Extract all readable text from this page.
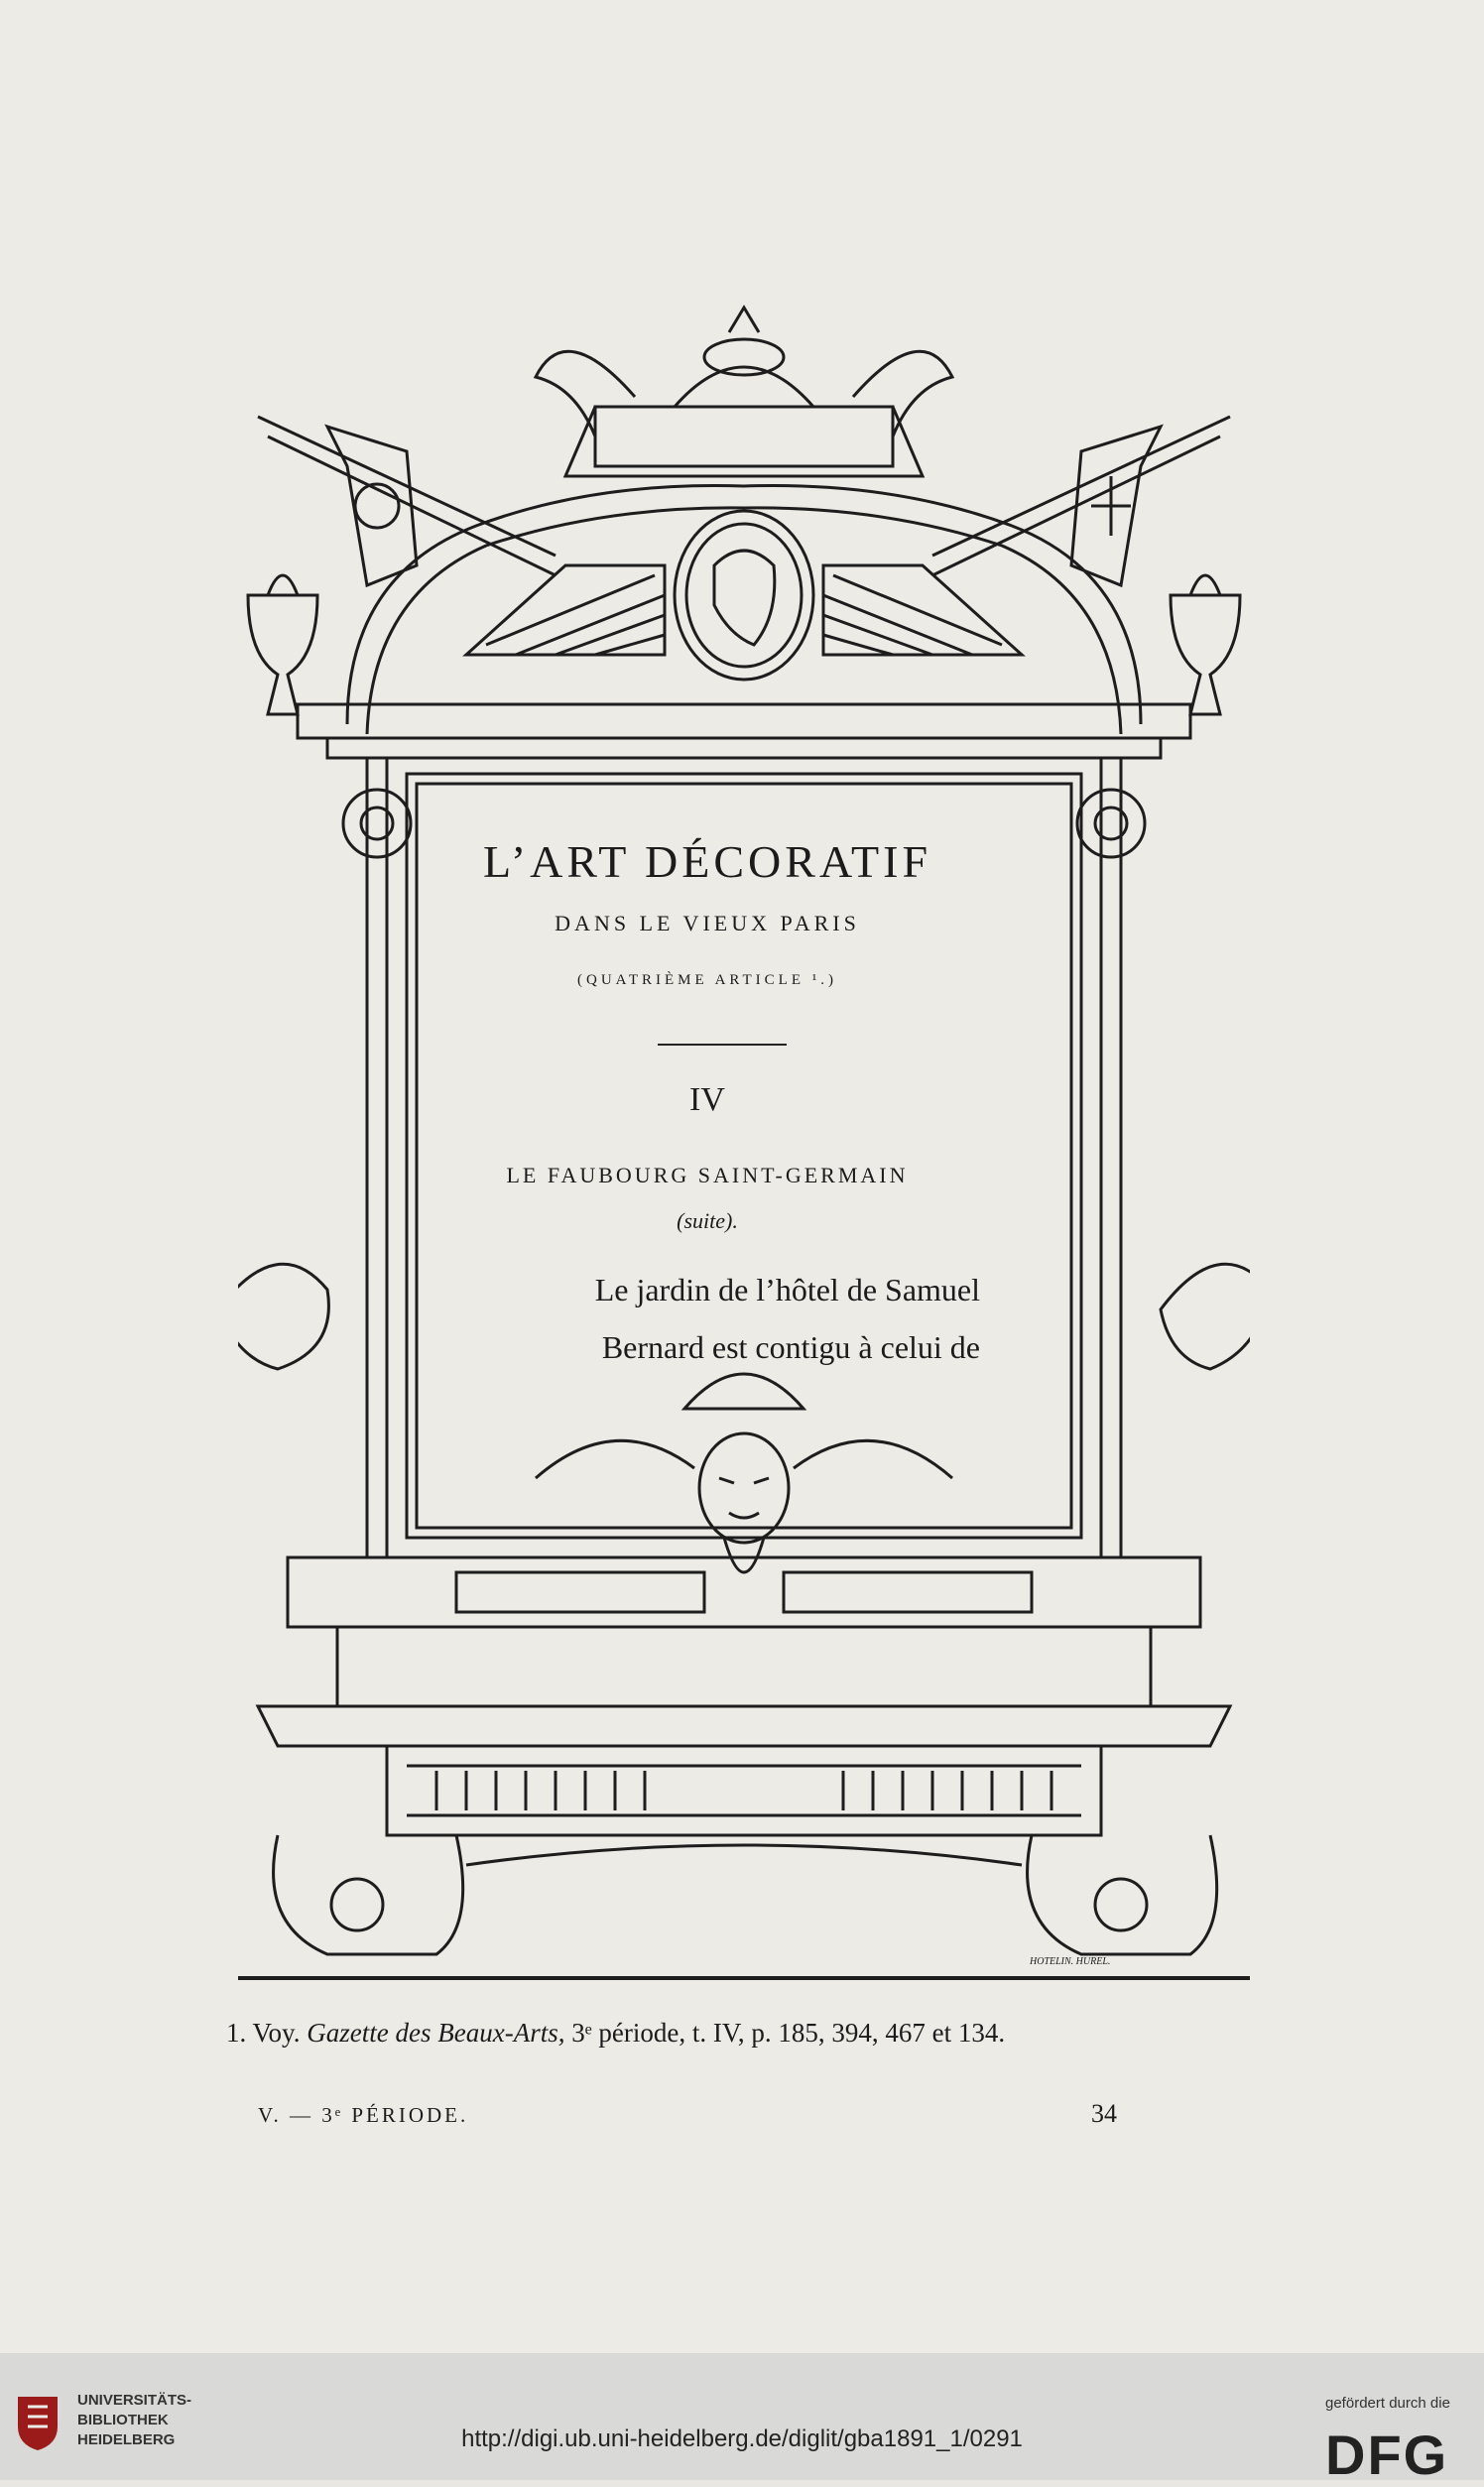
HOTELIN. HUREL.
L’ART DÉCORATIF
DANS LE VIEUX PARIS
(QUATRIÈME ARTICLE ¹.)
IV
LE FAUBOURG SAINT-GERMAIN
(suite).
Le jardin de l’hôtel de Samuel
Bernard est contigu à celui de
1. Voy. Gazette des Beaux-Arts, 3ᵉ période, t. IV, p. 185, 394, 467 et 134.
V. — 3ᵉ PÉRIODE.	34
UNIVERSITÄTS-
BIBLIOTHEK
HEIDELBERG	http://digi.ub.uni-heidelberg.de/diglit/gba1891_1/0291
gefördert durch die
DFG
